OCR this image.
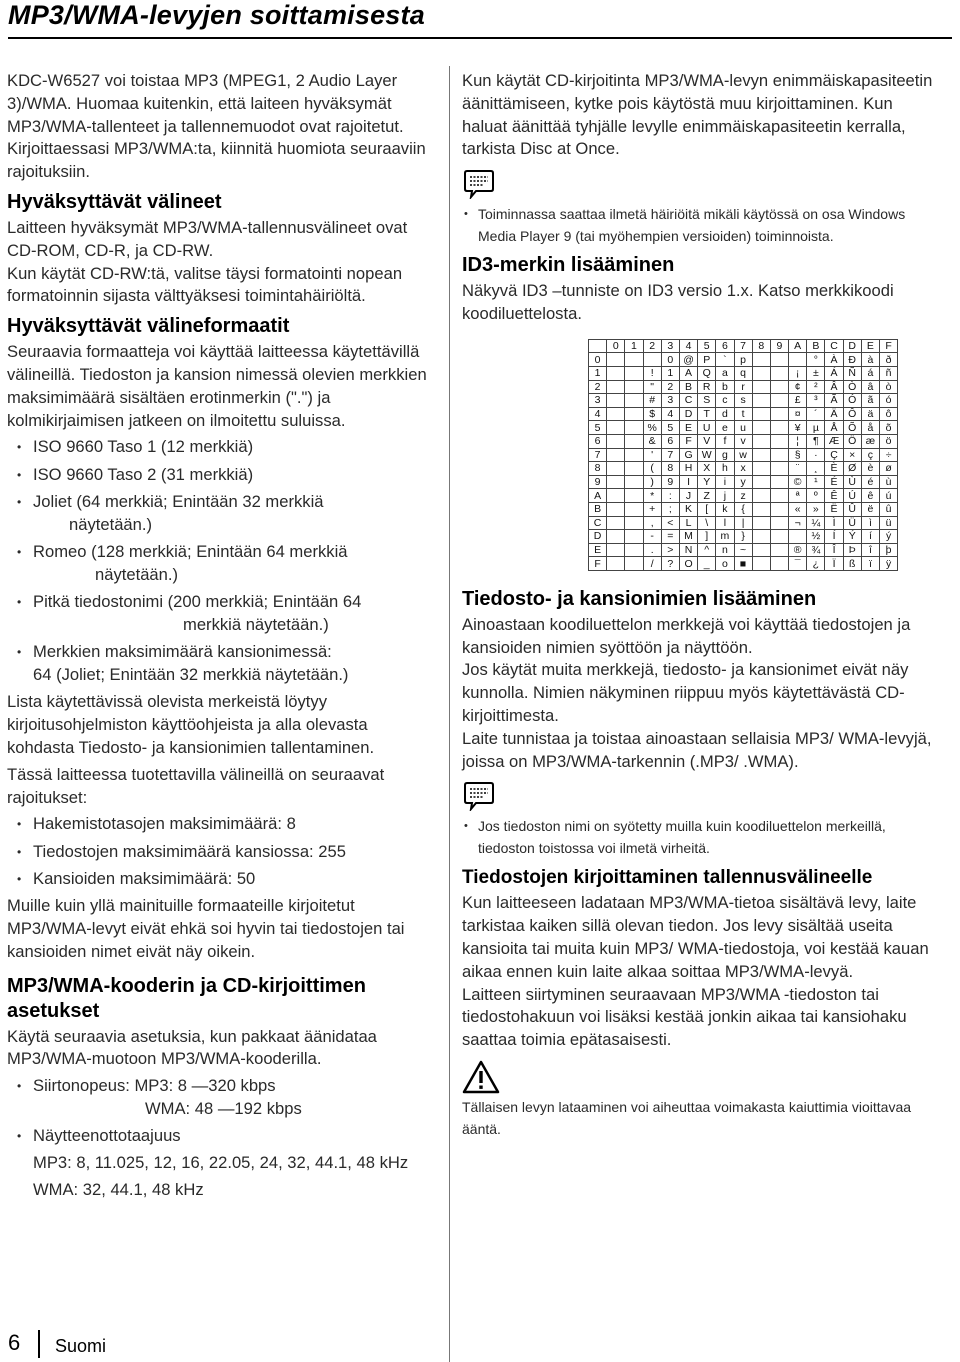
MP3/WMA-levyjen soittamisesta

KDC-W6527 voi toistaa MP3 (MPEG1, 2 Audio Layer 3)/WMA. Huomaa kuitenkin, että laiteen hyväksymät MP3/WMA-tallenteet ja tallennemuodot ovat rajoitetut. Kirjoittaessasi MP3/WMA:ta, kiinnitä huomiota seuraaviin rajoituksiin.

Hyväksyttävät välineet

Laitteen hyväksymät MP3/WMA-tallennusvälineet ovat CD-ROM, CD-R, ja CD-RW.

Kun käytät CD-RW:tä, valitse täysi formatointi nopean formatoinnin sijasta välttyäksesi toimintahäiriöltä.

Hyväksyttävät välineformaatit

Seuraavia formaatteja voi käyttää laitteessa käytettävillä välineillä. Tiedoston ja kansion nimessä olevien merkkien maksimimäärä sisältäen erotinmerkin (".") ja kolmikirjaimisen jatkeen on ilmoitettu suluissa.

• ISO 9660 Taso 1 (12 merkkiä)
• ISO 9660 Taso 2 (31 merkkiä)
• Joliet (64 merkkiä; Enintään 32 merkkiä
näytetään.)
• Romeo (128 merkkiä; Enintään 64 merkkiä
näytetään.)
• Pitkä tiedostonimi (200 merkkiä; Enintään 64
merkkiä näytetään.)
• Merkkien maksimimäärä kansionimessä:
64 (Joliet; Enintään 32 merkkiä näytetään.)

Lista käytettävissä olevista merkeistä löytyy kirjoitusohjelmiston käyttöohjeista ja alla olevasta kohdasta Tiedosto- ja kansionimien tallentaminen.

Tässä laitteessa tuotettavilla välineillä on seuraavat rajoitukset:

• Hakemistotasojen maksimimäärä: 8
• Tiedostojen maksimimäärä kansiossa: 255
• Kansioiden maksimimäärä: 50

Muille kuin yllä mainituille formaateille kirjoitetut MP3/WMA-levyt eivät ehkä soi hyvin tai tiedostojen tai kansioiden nimet eivät näy oikein.

MP3/WMA-kooderin ja CD-kirjoittimen asetukset

Käytä seuraavia asetuksia, kun pakkaat äänidataa MP3/WMA-muotoon MP3/WMA-kooderilla.

• Siirtonopeus: MP3: 8 —320 kbps
WMA: 48 —192 kbps
• Näytteenottotaajuus
MP3: 8, 11.025, 12, 16, 22.05, 24, 32, 44.1, 48 kHz
WMA: 32, 44.1, 48 kHz

Kun käytät CD-kirjoitinta MP3/WMA-levyn enimmäiskapasiteetin äänittämiseen, kytke pois käytöstä muu kirjoittaminen. Kun haluat äänittää tyhjälle levylle enimmäiskapasiteetin kerralla, tarkista Disc at Once.

• Toiminnassa saattaa ilmetä häiriöitä mikäli käytössä on osa Windows Media Player 9 (tai myöhempien versioiden) toiminnoista.
ID3-merkin lisääminen

Näkyvä ID3 –tunniste on ID3 versio 1.x. Katso merkkikoodi koodiluettelosta.

	0	1	2	3	4	5	6	7	8	9	A	B	C	D	E	F
0				0	@	P	`	p				°	À	Ð	à	ð
1			!	1	A	Q	a	q			¡	±	Á	Ñ	á	ñ
2			"	2	B	R	b	r			¢	²	Â	Ò	â	ò
3			#	3	C	S	c	s			£	³	Ã	Ó	ã	ó
4			$	4	D	T	d	t			¤	´	Ä	Ô	ä	ô
5			%	5	E	U	e	u			¥	µ	Å	Õ	å	õ
6			&	6	F	V	f	v			¦	¶	Æ	Ö	æ	ö
7			'	7	G	W	g	w			§	·	Ç	×	ç	÷
8			(	8	H	X	h	x			¨	¸	È	Ø	è	ø
9			)	9	I	Y	i	y			©	¹	É	Ù	é	ù
A			*	:	J	Z	j	z			ª	º	Ê	Ú	ê	ú
B			+	;	K	[	k	{			«	»	Ë	Û	ë	û
C			,	<	L	\	l	|			¬	¼	Ì	Ü	ì	ü
D			-	=	M	]	m	}				½	Í	Ý	í	ý
E			.	>	N	^	n	~			®	¾	Î	Þ	î	þ
F			/	?	O	_	o	■			¯	¿	Ï	ß	ï	ÿ
Tiedosto- ja kansionimien lisääminen

Ainoastaan koodiluettelon merkkejä voi käyttää tiedostojen ja kansioiden nimien syöttöön ja näyttöön.

Jos käytät muita merkkejä, tiedosto- ja kansionimet eivät näy kunnolla. Nimien näkyminen riippuu myös käytettävästä CD-kirjoittimesta.

Laite tunnistaa ja toistaa ainoastaan sellaisia MP3/ WMA-levyjä, joissa on MP3/WMA-tarkennin (.MP3/ .WMA).

• Jos tiedoston nimi on syötetty muilla kuin koodiluettelon merkeillä, tiedoston toistossa voi ilmetä virheitä.
Tiedostojen kirjoittaminen tallennusvälineelle

Kun laitteeseen ladataan MP3/WMA-tietoa sisältävä levy, laite tarkistaa kaiken sillä olevan tiedon. Jos levy sisältää useita kansioita tai muita kuin MP3/ WMA-tiedostoja, voi kestää kauan aikaa ennen kuin laite alkaa soittaa MP3/WMA-levyä.

Laitteen siirtyminen seuraavaan MP3/WMA -tiedoston tai tiedostohakuun voi lisäksi kestää jonkin aikaa tai kansiohaku saattaa toimia epätasaisesti.

Tällaisen levyn lataaminen voi aiheuttaa voimakasta kaiuttimia vioittavaa ääntä.

6 Suomi
